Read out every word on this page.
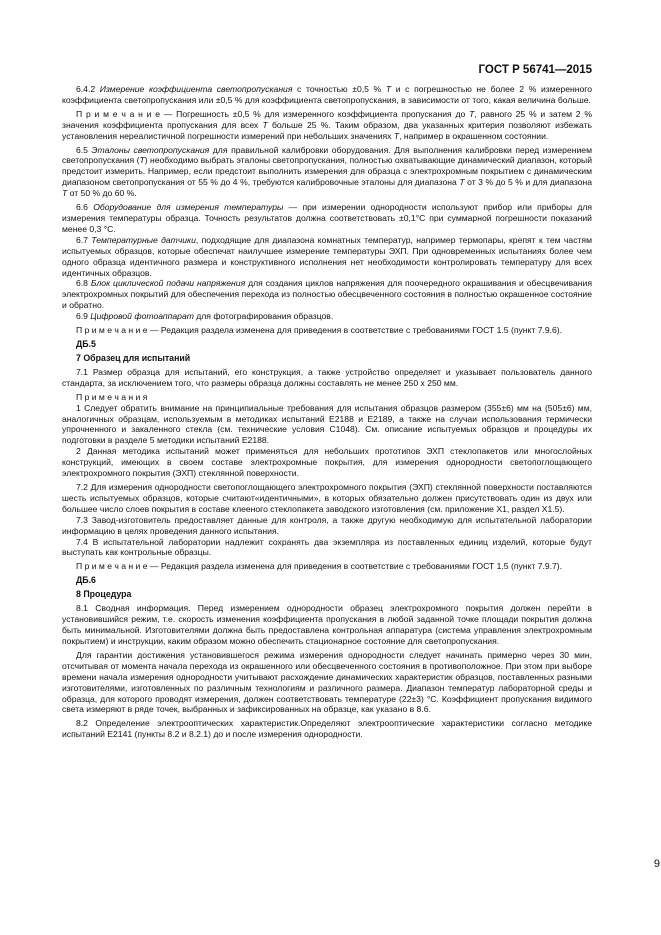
ГОСТ Р 56741—2015

6.4.2 Измерение коэффициента светопропускания с точностью ±0,5 % T и с погрешностью не более 2 % измеренного коэффициента светопропускания или ±0,5 % для коэффициента светопропускания, в зависимости от того, какая величина больше.

П р и м е ч а н и е — Погрешность ±0,5 % для измеренного коэффициента пропускания до T, равного 25 % и затем 2 % значения коэффициента пропускания для всех T больше 25 %. Таким образом, два указанных критерия позволяют избежать установления нереалистичной погрешности измерений при небольших значениях T, например в окрашенном состоянии.

6.5 Эталоны светопропускания для правильной калибровки оборудования. Для выполнения калибровки перед измерением светопропускания (T) необходимо выбрать эталоны светопропускания, полностью охватывающие динамический диапазон, который предстоит измерить. Например, если предстоит выполнить измерения для образца с электрохромным покрытием с динамическим диапазоном светопропускания от 55 % до 4 %, требуются калибровочные эталоны для диапазона T от 3 % до 5 % и для диапазона T от 50 % до 60 %.

6.6 Оборудование для измерения температуры — при измерении однородности используют прибор или приборы для измерения температуры образца. Точность результатов должна соответствовать ±0,1°С при суммарной погрешности показаний менее 0,3 °С.

6.7 Температурные датчики, подходящие для диапазона комнатных температур, например термопары, крепят к тем частям испытуемых образцов, которые обеспечат наилучшее измерение температуры ЭХП. При одновременных испытаниях более чем одного образца идентичного размера и конструктивного исполнения нет необходимости контролировать температуру для всех идентичных образцов.

6.8 Блок циклической подачи напряжения для создания циклов напряжения для поочередного окрашивания и обесцвечивания электрохромных покрытий для обеспечения перехода из полностью обесцвеченного состояния в полностью окрашенное состояние и обратно.

6.9 Цифровой фотоаппарат для фотографирования образцов.

П р и м е ч а н и е — Редакция раздела изменена для приведения в соответствие с требованиями ГОСТ 1.5 (пункт 7.9.6).

ДБ.5
7 Образец для испытаний

7.1 Размер образца для испытаний, его конструкция, а также устройство определяет и указывает пользователь данного стандарта, за исключением того, что размеры образца должны составлять не менее 250 х 250 мм.

П р и м е ч а н и я

1 Следует обратить внимание на принципиальные требования для испытания образцов размером (355±6) мм на (505±6) мм, аналогичных образцам, используемым в методиках испытаний E2188 и E2189, а также на случаи использования термически упрочненного и закаленного стекла (см. технические условия C1048). См. описание испытуемых образцов и процедуры их подготовки в разделе 5 методики испытаний E2188.

2 Данная методика испытаний может применяться для небольших прототипов ЭХП стеклопакетов или многослойных конструкций, имеющих в своем составе электрохромные покрытия, для измерения однородности светопоглощающего электрохромного покрытия (ЭХП) стеклянной поверхности.

7.2 Для измерения однородности светопоглощающего электрохромного покрытия (ЭХП) стеклянной поверхности поставляются шесть испытуемых образцов, которые считают«идентичными», в которых обязательно должен присутствовать один из двух или большее число слоев покрытия в составе клееного стеклопакета заводского изготовления (см. приложение X1, раздел X1.5).

7.3 Завод-изготовитель предоставляет данные для контроля, а также другую необходимую для испытательной лаборатории информацию в целях проведения данного испытания.

7.4 В испытательной лаборатории надлежит сохранять два экземпляра из поставленных единиц изделий, которые будут выступать как контрольные образцы.

П р и м е ч а н и е — Редакция раздела изменена для приведения в соответствие с требованиями ГОСТ 1.5 (пункт 7.9.7).

ДБ.6
8 Процедура

8.1 Сводная информация. Перед измерением однородности образец электрохромного покрытия должен перейти в установившийся режим, т.е. скорость изменения коэффициента пропускания в любой заданной точке площади покрытия должна быть минимальной. Изготовителями должна быть предоставлена контрольная аппаратура (система управления электрохромным покрытием) и инструкции, каким образом можно обеспечить стационарное состояние для светопропускания.

Для гарантии достижения установившегося режима измерения однородности следует начинать примерно через 30 мин, отсчитывая от момента начала перехода из окрашенного или обесцвеченного состояния в противоположное. При этом при выборе времени начала измерения однородности учитывают расхождение динамических характеристик образцов, поставленных разными изготовителями, изготовленных по различным технологиям и различного размера. Диапазон температур лабораторной среды и образца, для которого проводят измерения, должен соответствовать температуре (22±3) °С. Коэффициент пропускания видимого света измеряют в ряде точек, выбранных и зафиксированных на образце, как указано в 8.6.

8.2 Определение электрооптических характеристик.Определяют электрооптические характеристики согласно методике испытаний E2141 (пункты 8.2 и 8.2.1) до и после измерения однородности.

9
